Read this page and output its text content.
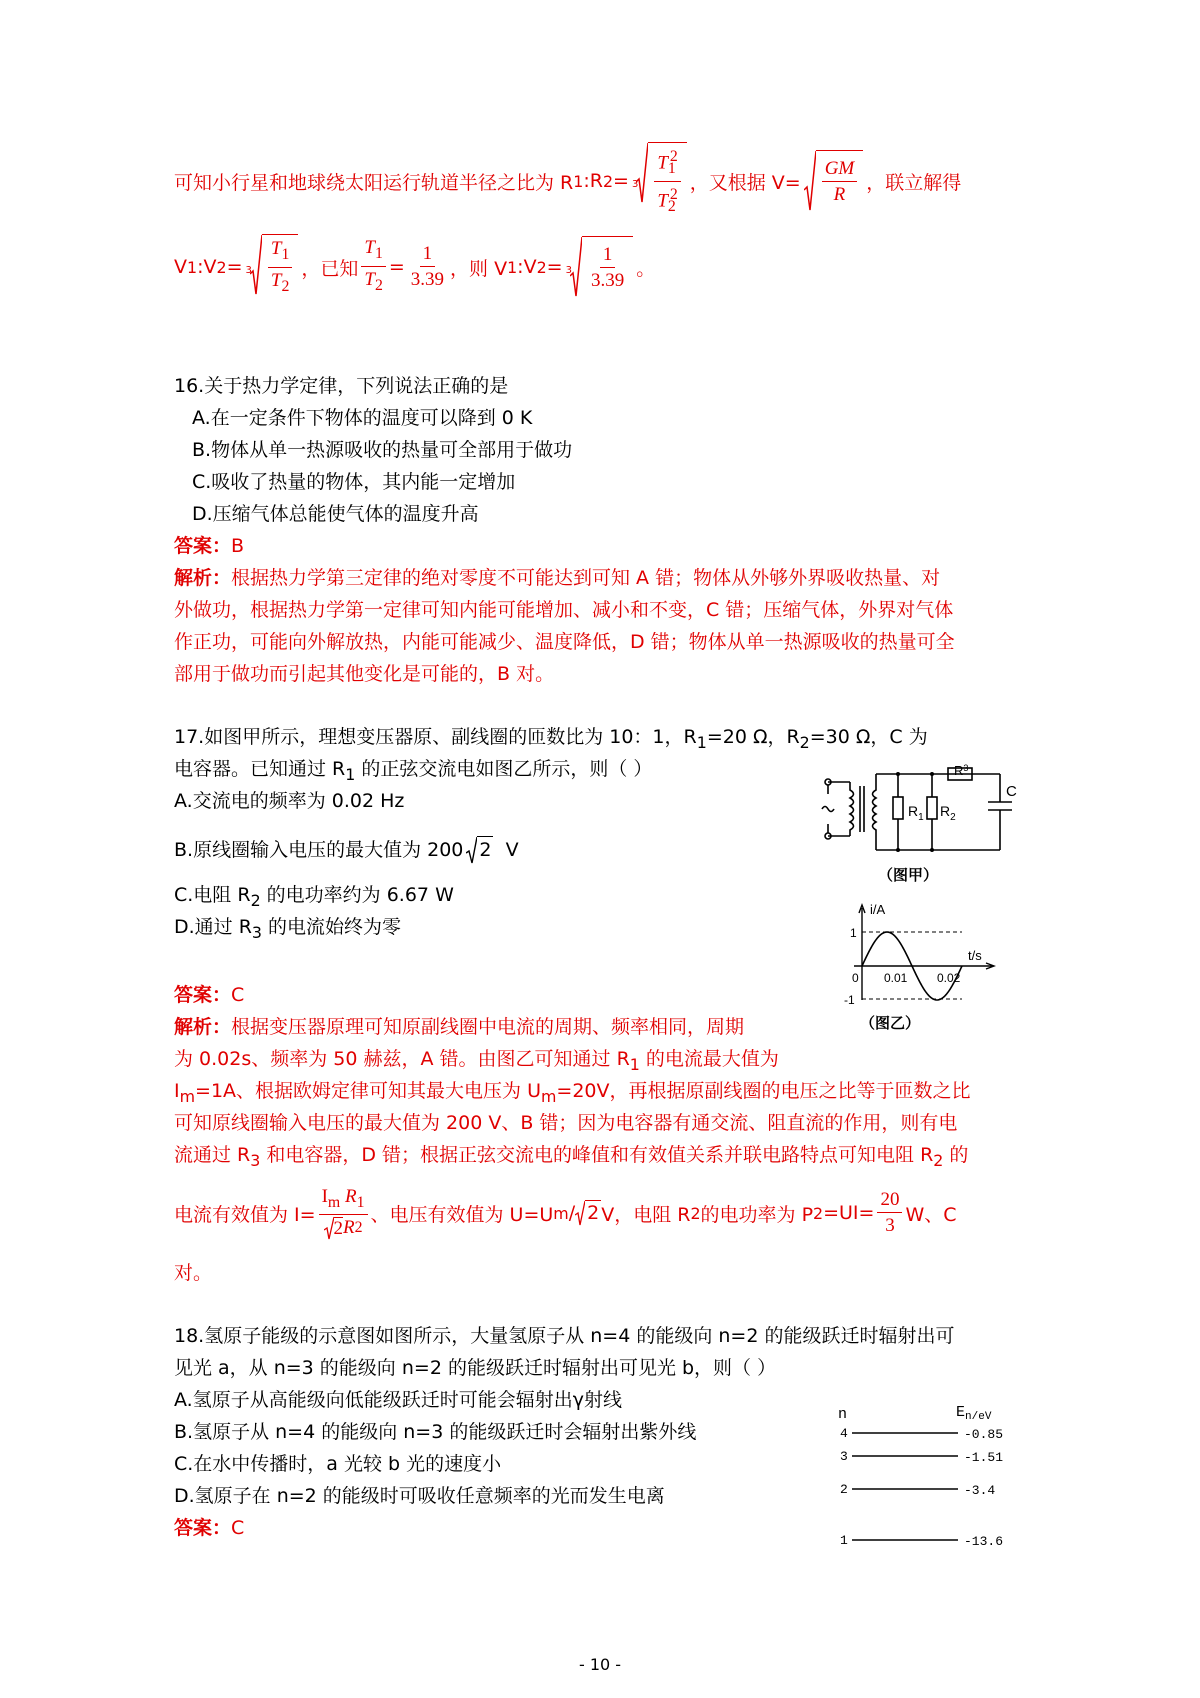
可知小行星和地球绕太阳运行轨道半径之比为 R 1 :R $2 = 3 \frac{T_1^2}{T_2^2}$ ，又根据 $V= \frac{GM}{R}$ ，联立解得
V 1 :V $2 = 3 \frac{T_1}{T_2}$ ，已知 $\frac{T_1}{T_2} = \frac{1}{3.39}$ ，则 V 1 :V $2 = 3 \frac{1}{3.39}$ 。
16.关于热力学定律，下列说法正确的是
A.在一定条件下物体的温度可以降到 0 K
B.物体从单一热源吸收的热量可全部用于做功
C.吸收了热量的物体，其内能一定增加
D.压缩气体总能使气体的温度升高
答案：B
解析：根据热力学第三定律的绝对零度不可能达到可知 A 错；物体从外够外界吸收热量、对
外做功，根据热力学第一定律可知内能可能增加、减小和不变，C 错；压缩气体，外界对气体
作正功，可能向外解放热，内能可能减少、温度降低，D 错；物体从单一热源吸收的热量可全
部用于做功而引起其他变化是可能的，B 对。
17.如图甲所示，理想变压器原、副线圈的匝数比为 10：1，$R_1=20$ Ω，$R_2=30$ Ω，C 为
电容器。已知通过 $R_1$ 的正弦交流电如图乙所示，则（ ）
A.交流电的频率为 0.02 Hz
B.原线圈输入电压的最大值为 200 2 V
C.电阻 $R_2$ 的电功率约为 6.67 W
D.通过 $R_3$ 的电流始终为零
$R_1$ $R_2$
R3
C
（图甲）
i/A
t/s
1
-1
0 0.01 0.02
（图乙）
答案：C
解析：根据变压器原理可知原副线圈中电流的周期、频率相同，周期
为 0.02s、频率为 50 赫兹，A 错。由图乙可知通过 $R_1$ 的电流最大值为
$I_m=1A$、根据欧姆定律可知其最大电压为 $U_m=20V$，再根据原副线圈的电压之比等于匝数之比
可知原线圈输入电压的最大值为 200 V、B 错；因为电容器有通交流、阻直流的作用，则有电
流通过 $R_3$ 和电容器，D 错；根据正弦交流电的峰值和有效值关系并联电路特点可知电阻 $R_2$ 的
电流有效值为 $I= \frac{I_m R_1}{2 R 2}$ 、电压有效值为 U=U m / 2 V，电阻 R 2 的电功率为 P $2 =UI= \frac{20}{3}$ W、C
对。
18.氢原子能级的示意图如图所示，大量氢原子从 n=4 的能级向 n=2 的能级跃迁时辐射出可
见光 a，从 n=3 的能级向 n=2 的能级跃迁时辐射出可见光 b，则（ ）
A.氢原子从高能级向低能级跃迁时可能会辐射出γ射线
B.氢原子从 n=4 的能级向 n=3 的能级跃迁时会辐射出紫外线
C.在水中传播时，a 光较 b 光的速度小
D.氢原子在 n=2 的能级时可吸收任意频率的光而发生电离
答案：C
n	$E_{n/eV}$
4	-0.85
3	-1.51
2	-3.4
1	-13.6
- 10 -
